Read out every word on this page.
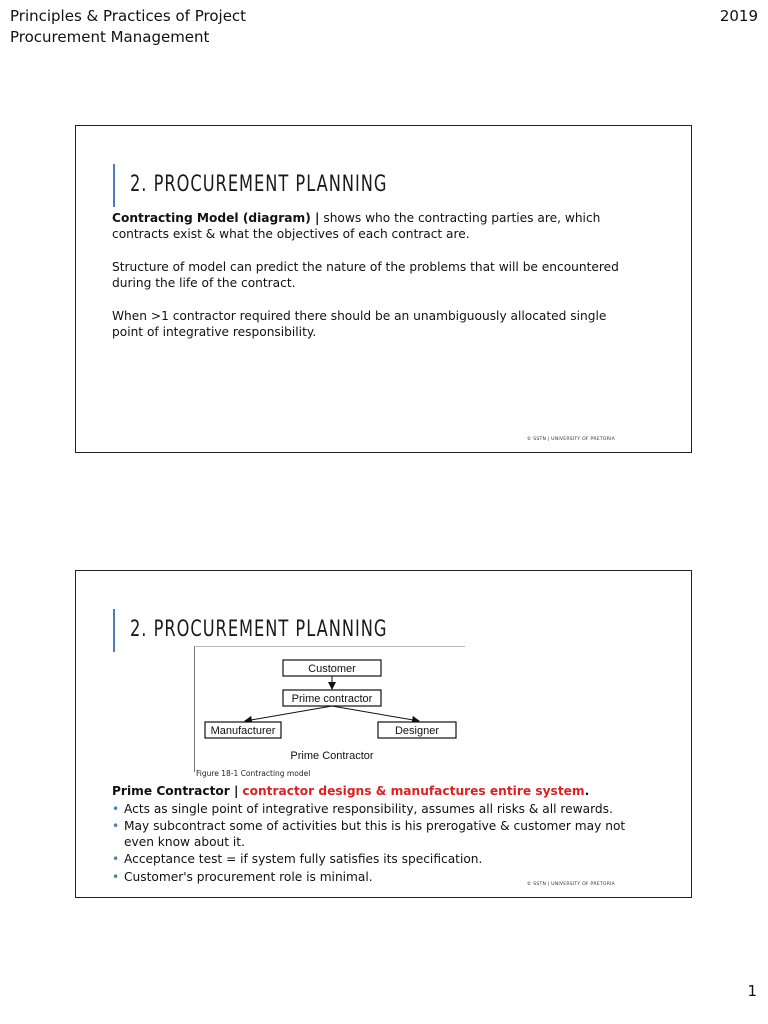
Principles & Practices of Project Procurement Management
2019
2. PROCUREMENT PLANNING

Contracting Model (diagram) | shows who the contracting parties are, which contracts exist & what the objectives of each contract are.

Structure of model can predict the nature of the problems that will be encountered during the life of the contract.

When >1 contractor required there should be an unambiguously allocated single point of integrative responsibility.

© SSTN | UNIVERSITY OF PRETORIA
2. PROCUREMENT PLANNING
Customer
Prime contractor
Manufacturer	Designer
Prime Contractor
Figure 18-1 Contracting model
Prime Contractor | contractor designs & manufactures entire system.
• Acts as single point of integrative responsibility, assumes all risks & all rewards.
• May subcontract some of activities but this is his prerogative & customer may not even know about it.
• Acceptance test = if system fully satisfies its specification.
• Customer's procurement role is minimal.
© SSTN | UNIVERSITY OF PRETORIA
1
